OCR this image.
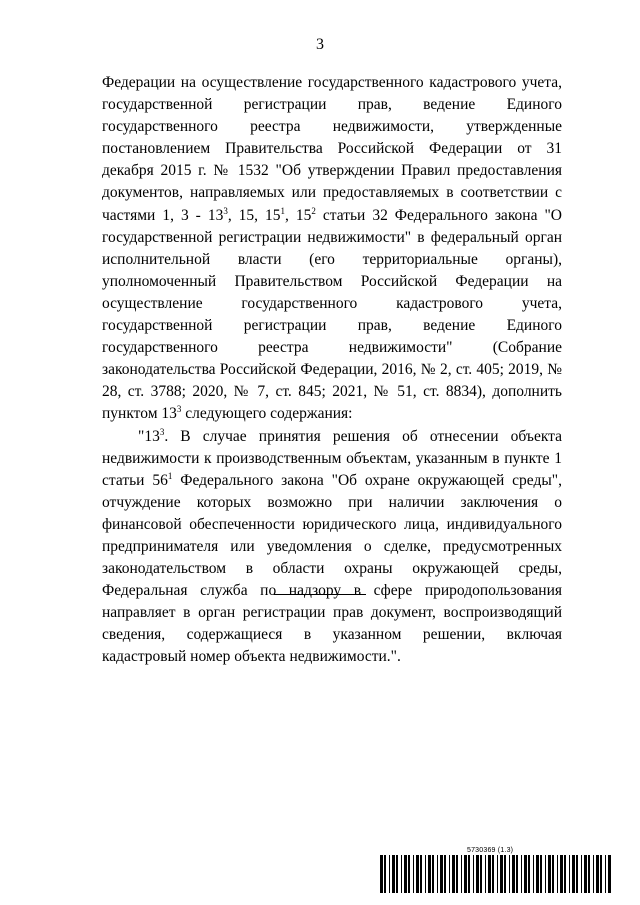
3

Федерации на осуществление государственного кадастрового учета, государственной регистрации прав, ведение Единого государственного реестра недвижимости, утвержденные постановлением Правительства Российской Федерации от 31 декабря 2015 г. № 1532 "Об утверждении Правил предоставления документов, направляемых или предоставляемых в соответствии с частями 1, $3 - 13^3$, 15, $15^1$, $15^2$ статьи 32 Федерального закона "О государственной регистрации недвижимости" в федеральный орган исполнительной власти (его территориальные органы), уполномоченный Правительством Российской Федерации на осуществление государственного кадастрового учета, государственной регистрации прав, ведение Единого государственного реестра недвижимости" (Собрание законодательства Российской Федерации, 2016, № 2, ст. 405; 2019, № 28, ст. 3788; 2020, № 7, ст. 845; 2021, № 51, ст. 8834), дополнить пунктом $13^3$ следующего содержания:

"$13^3$. В случае принятия решения об отнесении объекта недвижимости к производственным объектам, указанным в пункте 1 статьи $56^1$ Федерального закона "Об охране окружающей среды", отчуждение которых возможно при наличии заключения о финансовой обеспеченности юридического лица, индивидуального предпринимателя или уведомления о сделке, предусмотренных законодательством в области охраны окружающей среды, Федеральная служба по надзору в сфере природопользования направляет в орган регистрации прав документ, воспроизводящий сведения, содержащиеся в указанном решении, включая кадастровый номер объекта недвижимости.".

5730369 (1.3)
